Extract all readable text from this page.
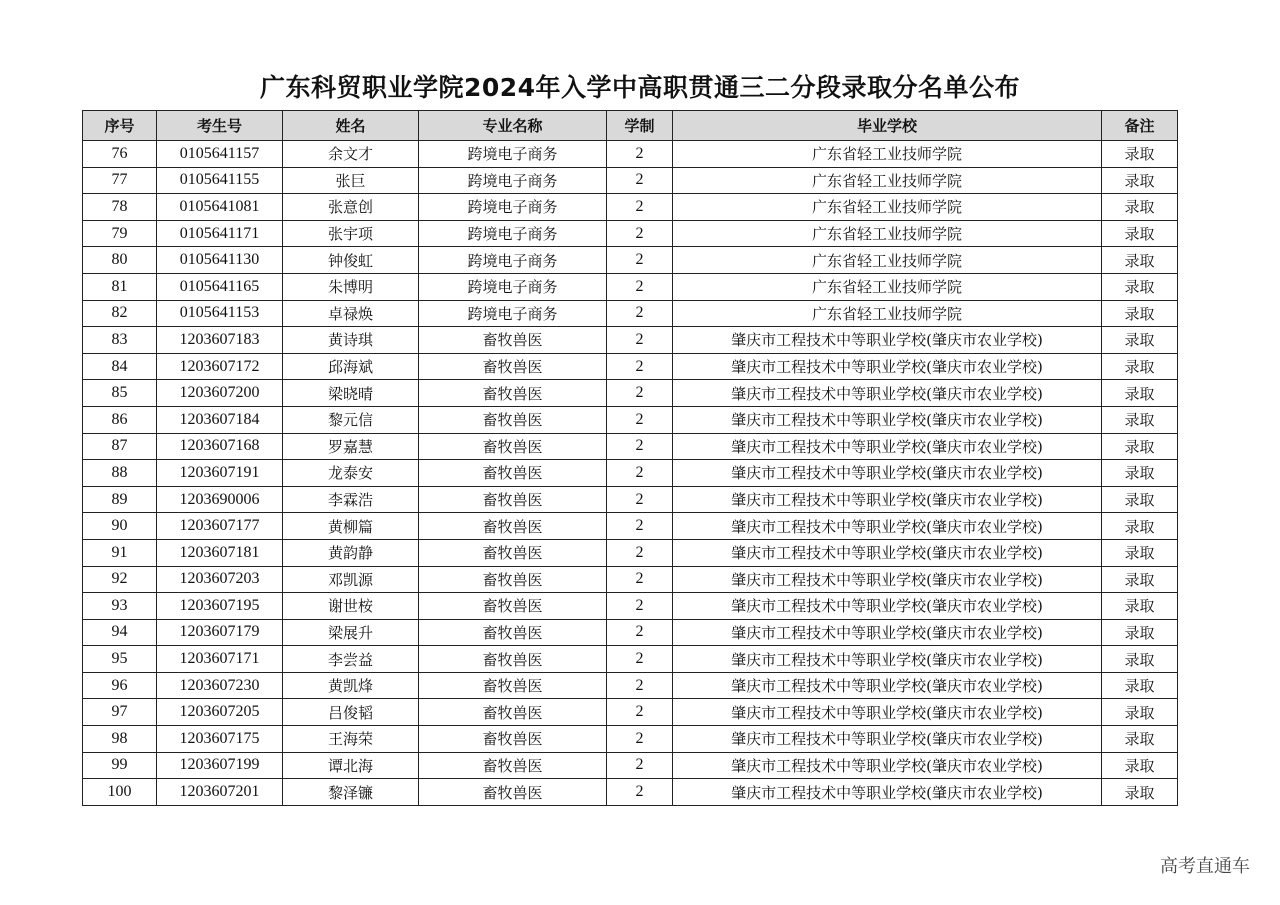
广东科贸职业学院2024年入学中高职贯通三二分段录取分名单公布
序号	考生号	姓名	专业名称	学制	毕业学校	备注
76	0105641157	余文才	跨境电子商务	2	广东省轻工业技师学院	录取
77	0105641155	张巨	跨境电子商务	2	广东省轻工业技师学院	录取
78	0105641081	张意创	跨境电子商务	2	广东省轻工业技师学院	录取
79	0105641171	张宇项	跨境电子商务	2	广东省轻工业技师学院	录取
80	0105641130	钟俊虹	跨境电子商务	2	广东省轻工业技师学院	录取
81	0105641165	朱博明	跨境电子商务	2	广东省轻工业技师学院	录取
82	0105641153	卓禄焕	跨境电子商务	2	广东省轻工业技师学院	录取
83	1203607183	黄诗琪	畜牧兽医	2	肇庆市工程技术中等职业学校(肇庆市农业学校)	录取
84	1203607172	邱海斌	畜牧兽医	2	肇庆市工程技术中等职业学校(肇庆市农业学校)	录取
85	1203607200	梁晓晴	畜牧兽医	2	肇庆市工程技术中等职业学校(肇庆市农业学校)	录取
86	1203607184	黎元信	畜牧兽医	2	肇庆市工程技术中等职业学校(肇庆市农业学校)	录取
87	1203607168	罗嘉慧	畜牧兽医	2	肇庆市工程技术中等职业学校(肇庆市农业学校)	录取
88	1203607191	龙泰安	畜牧兽医	2	肇庆市工程技术中等职业学校(肇庆市农业学校)	录取
89	1203690006	李霖浩	畜牧兽医	2	肇庆市工程技术中等职业学校(肇庆市农业学校)	录取
90	1203607177	黄柳篇	畜牧兽医	2	肇庆市工程技术中等职业学校(肇庆市农业学校)	录取
91	1203607181	黄韵静	畜牧兽医	2	肇庆市工程技术中等职业学校(肇庆市农业学校)	录取
92	1203607203	邓凯源	畜牧兽医	2	肇庆市工程技术中等职业学校(肇庆市农业学校)	录取
93	1203607195	谢世桉	畜牧兽医	2	肇庆市工程技术中等职业学校(肇庆市农业学校)	录取
94	1203607179	梁展升	畜牧兽医	2	肇庆市工程技术中等职业学校(肇庆市农业学校)	录取
95	1203607171	李尝益	畜牧兽医	2	肇庆市工程技术中等职业学校(肇庆市农业学校)	录取
96	1203607230	黄凯烽	畜牧兽医	2	肇庆市工程技术中等职业学校(肇庆市农业学校)	录取
97	1203607205	吕俊韬	畜牧兽医	2	肇庆市工程技术中等职业学校(肇庆市农业学校)	录取
98	1203607175	王海荣	畜牧兽医	2	肇庆市工程技术中等职业学校(肇庆市农业学校)	录取
99	1203607199	谭北海	畜牧兽医	2	肇庆市工程技术中等职业学校(肇庆市农业学校)	录取
100	1203607201	黎泽镰	畜牧兽医	2	肇庆市工程技术中等职业学校(肇庆市农业学校)	录取
高考直通车
